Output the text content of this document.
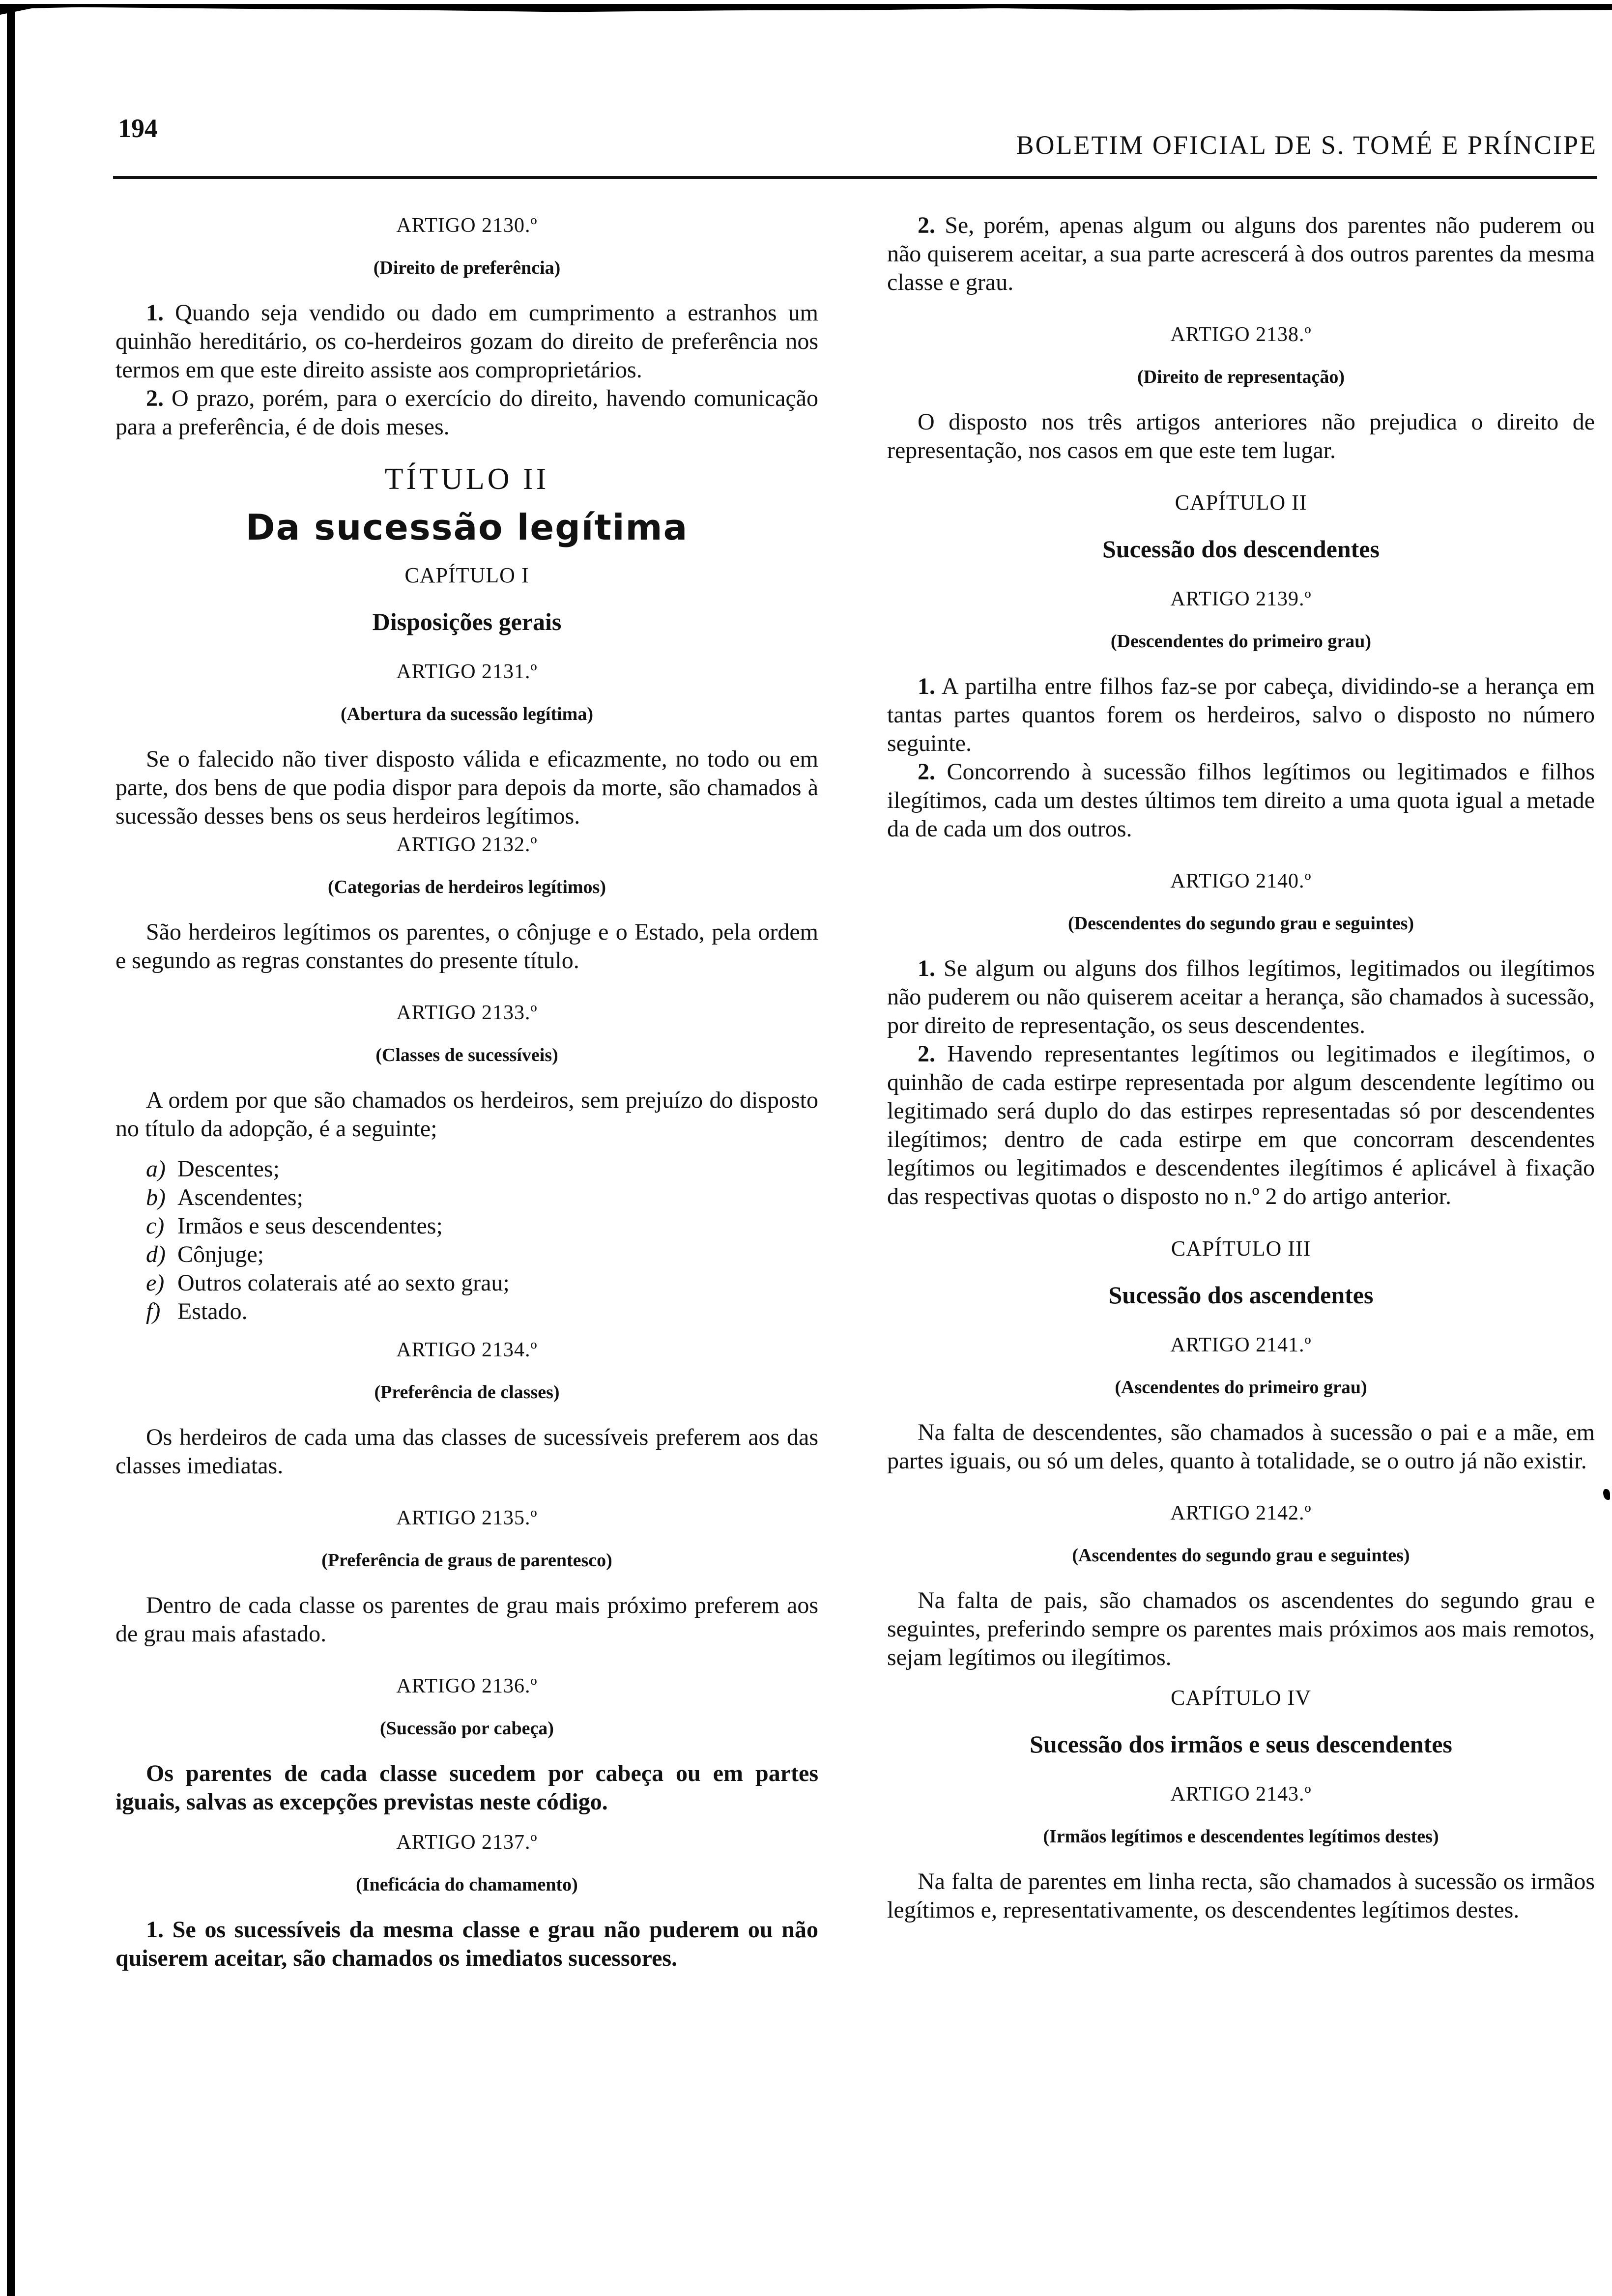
194
BOLETIM OFICIAL DE S. TOMÉ E PRÍNCIPE
ARTIGO 2130.º
(Direito de preferência)

1. Quando seja vendido ou dado em cumprimento a estranhos um quinhão hereditário, os co-herdeiros gozam do direito de preferência nos termos em que este direito assiste aos comproprietários.

2. O prazo, porém, para o exercício do direito, havendo comunicação para a preferência, é de dois meses.

TÍTULO II
Da sucessão legítima
CAPÍTULO I
Disposições gerais
ARTIGO 2131.º
(Abertura da sucessão legítima)

Se o falecido não tiver disposto válida e eficazmente, no todo ou em parte, dos bens de que podia dispor para depois da morte, são chamados à sucessão desses bens os seus herdeiros legítimos.

ARTIGO 2132.º
(Categorias de herdeiros legítimos)

São herdeiros legítimos os parentes, o cônjuge e o Estado, pela ordem e segundo as regras constantes do presente título.

ARTIGO 2133.º
(Classes de sucessíveis)

A ordem por que são chamados os herdeiros, sem prejuízo do disposto no título da adopção, é a seguinte;

a) Descentes;
b) Ascendentes;
c) Irmãos e seus descendentes;
d) Cônjuge;
e) Outros colaterais até ao sexto grau;
f) Estado.
ARTIGO 2134.º
(Preferência de classes)

Os herdeiros de cada uma das classes de sucessíveis preferem aos das classes imediatas.

ARTIGO 2135.º
(Preferência de graus de parentesco)

Dentro de cada classe os parentes de grau mais próximo preferem aos de grau mais afastado.

ARTIGO 2136.º
(Sucessão por cabeça)

Os parentes de cada classe sucedem por cabeça ou em partes iguais, salvas as excepções previstas neste código.

ARTIGO 2137.º
(Ineficácia do chamamento)

1. Se os sucessíveis da mesma classe e grau não puderem ou não quiserem aceitar, são chamados os imediatos sucessores.

2. Se, porém, apenas algum ou alguns dos parentes não puderem ou não quiserem aceitar, a sua parte acrescerá à dos outros parentes da mesma classe e grau.

ARTIGO 2138.º
(Direito de representação)

O disposto nos três artigos anteriores não prejudica o direito de representação, nos casos em que este tem lugar.

CAPÍTULO II
Sucessão dos descendentes
ARTIGO 2139.º
(Descendentes do primeiro grau)

1. A partilha entre filhos faz-se por cabeça, dividindo-se a herança em tantas partes quantos forem os herdeiros, salvo o disposto no número seguinte.

2. Concorrendo à sucessão filhos legítimos ou legitimados e filhos ilegítimos, cada um destes últimos tem direito a uma quota igual a metade da de cada um dos outros.

ARTIGO 2140.º
(Descendentes do segundo grau e seguintes)

1. Se algum ou alguns dos filhos legítimos, legitimados ou ilegítimos não puderem ou não quiserem aceitar a herança, são chamados à sucessão, por direito de representação, os seus descendentes.

2. Havendo representantes legítimos ou legitimados e ilegítimos, o quinhão de cada estirpe representada por algum descendente legítimo ou legitimado será duplo do das estirpes representadas só por descendentes ilegítimos; dentro de cada estirpe em que concorram descendentes legítimos ou legitimados e descendentes ilegítimos é aplicável à fixação das respectivas quotas o disposto no n.º 2 do artigo anterior.

CAPÍTULO III
Sucessão dos ascendentes
ARTIGO 2141.º
(Ascendentes do primeiro grau)

Na falta de descendentes, são chamados à sucessão o pai e a mãe, em partes iguais, ou só um deles, quanto à totalidade, se o outro já não existir.

ARTIGO 2142.º
(Ascendentes do segundo grau e seguintes)

Na falta de pais, são chamados os ascendentes do segundo grau e seguintes, preferindo sempre os parentes mais próximos aos mais remotos, sejam legítimos ou ilegítimos.

CAPÍTULO IV
Sucessão dos irmãos e seus descendentes
ARTIGO 2143.º
(Irmãos legítimos e descendentes legítimos destes)

Na falta de parentes em linha recta, são chamados à sucessão os irmãos legítimos e, representativamente, os descendentes legítimos destes.
